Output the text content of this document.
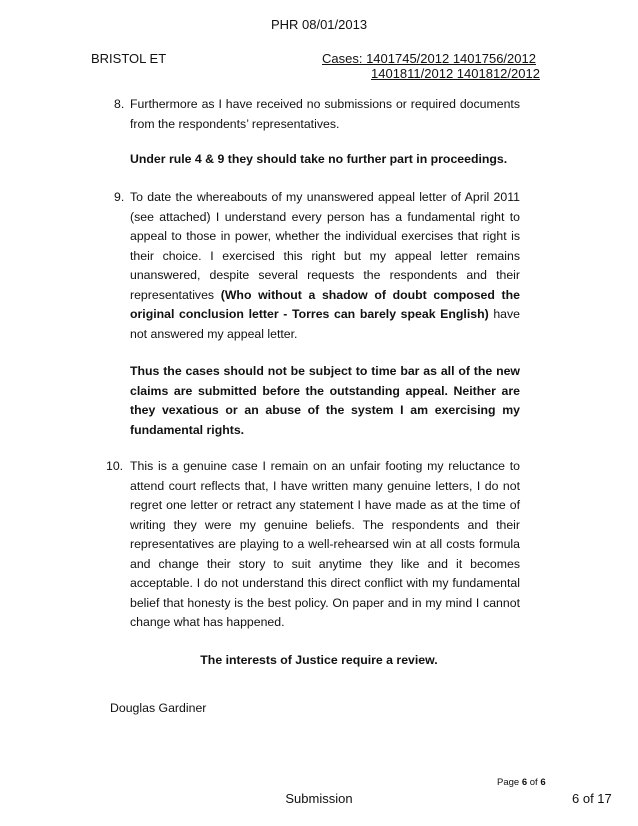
PHR 08/01/2013
BRISTOL ET	Cases: 1401745/2012 1401756/2012
1401811/2012 1401812/2012
8. Furthermore as I have received no submissions or required documents from the respondents’ representatives.
Under rule 4 & 9 they should take no further part in proceedings.
9. To date the whereabouts of my unanswered appeal letter of April 2011 (see attached) I understand every person has a fundamental right to appeal to those in power, whether the individual exercises that right is their choice. I exercised this right but my appeal letter remains unanswered, despite several requests the respondents and their representatives (Who without a shadow of doubt composed the original conclusion letter - Torres can barely speak English) have not answered my appeal letter.
Thus the cases should not be subject to time bar as all of the new claims are submitted before the outstanding appeal. Neither are they vexatious or an abuse of the system I am exercising my fundamental rights.
10. This is a genuine case I remain on an unfair footing my reluctance to attend court reflects that, I have written many genuine letters, I do not regret one letter or retract any statement I have made as at the time of writing they were my genuine beliefs. The respondents and their representatives are playing to a well-rehearsed win at all costs formula and change their story to suit anytime they like and it becomes acceptable. I do not understand this direct conflict with my fundamental belief that honesty is the best policy. On paper and in my mind I cannot change what has happened.
The interests of Justice require a review.
Douglas Gardiner
Page 6 of 6
Submission	6 of 17
